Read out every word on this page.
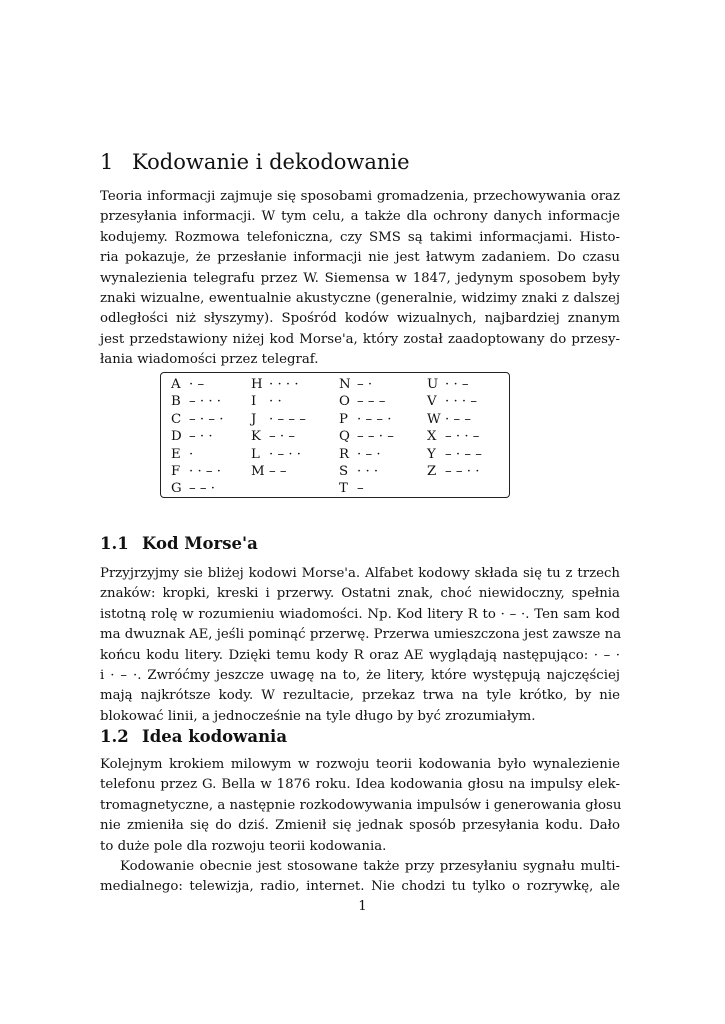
1 Kodowanie i dekodowanie
Teoria informacji zajmuje się sposobami gromadzenia, przechowywania oraz
przesyłania informacji. W tym celu, a także dla ochrony danych informacje
kodujemy. Rozmowa telefoniczna, czy SMS są takimi informacjami. Histo-
ria pokazuje, że przesłanie informacji nie jest łatwym zadaniem. Do czasu
wynalezienia telegrafu przez W. Siemensa w 1847, jedynym sposobem były
znaki wizualne, ewentualnie akustyczne (generalnie, widzimy znaki z dalszej
odległości niż słyszymy). Spośród kodów wizualnych, najbardziej znanym
jest przedstawiony niżej kod Morse'a, który został zaadoptowany do przesy-
łania wiadomości przez telegraf.
A · –
B – · · ·
C – · – ·
D – · ·
E ·
F · · – ·
G – – ·
H · · · ·
I · ·
J · – – –
K – · –
L · – · ·
M – –
N – ·
O – – –
P · – – ·
Q – – · –
R · – ·
S · · ·
T –
U · · –
V · · · –
W · – –
X – · · –
Y – · – –
Z – – · ·
1.1 Kod Morse'a
Przyjrzyjmy sie bliżej kodowi Morse'a. Alfabet kodowy składa się tu z trzech
znaków: kropki, kreski i przerwy. Ostatni znak, choć niewidoczny, spełnia
istotną rolę w rozumieniu wiadomości. Np. Kod litery R to · – ·. Ten sam kod
ma dwuznak AE, jeśli pominąć przerwę. Przerwa umieszczona jest zawsze na
końcu kodu litery. Dzięki temu kody R oraz AE wyglądają następująco: · – ·
i · – ·. Zwróćmy jeszcze uwagę na to, że litery, które występują najczęściej
mają najkrótsze kody. W rezultacie, przekaz trwa na tyle krótko, by nie
blokować linii, a jednocześnie na tyle długo by być zrozumiałym.
1.2 Idea kodowania
Kolejnym krokiem milowym w rozwoju teorii kodowania było wynalezienie
telefonu przez G. Bella w 1876 roku. Idea kodowania głosu na impulsy elek-
tromagnetyczne, a następnie rozkodowywania impulsów i generowania głosu
nie zmieniła się do dziś. Zmienił się jednak sposób przesyłania kodu. Dało
to duże pole dla rozwoju teorii kodowania.
Kodowanie obecnie jest stosowane także przy przesyłaniu sygnału multi-
medialnego: telewizja, radio, internet. Nie chodzi tu tylko o rozrywkę, ale
1
